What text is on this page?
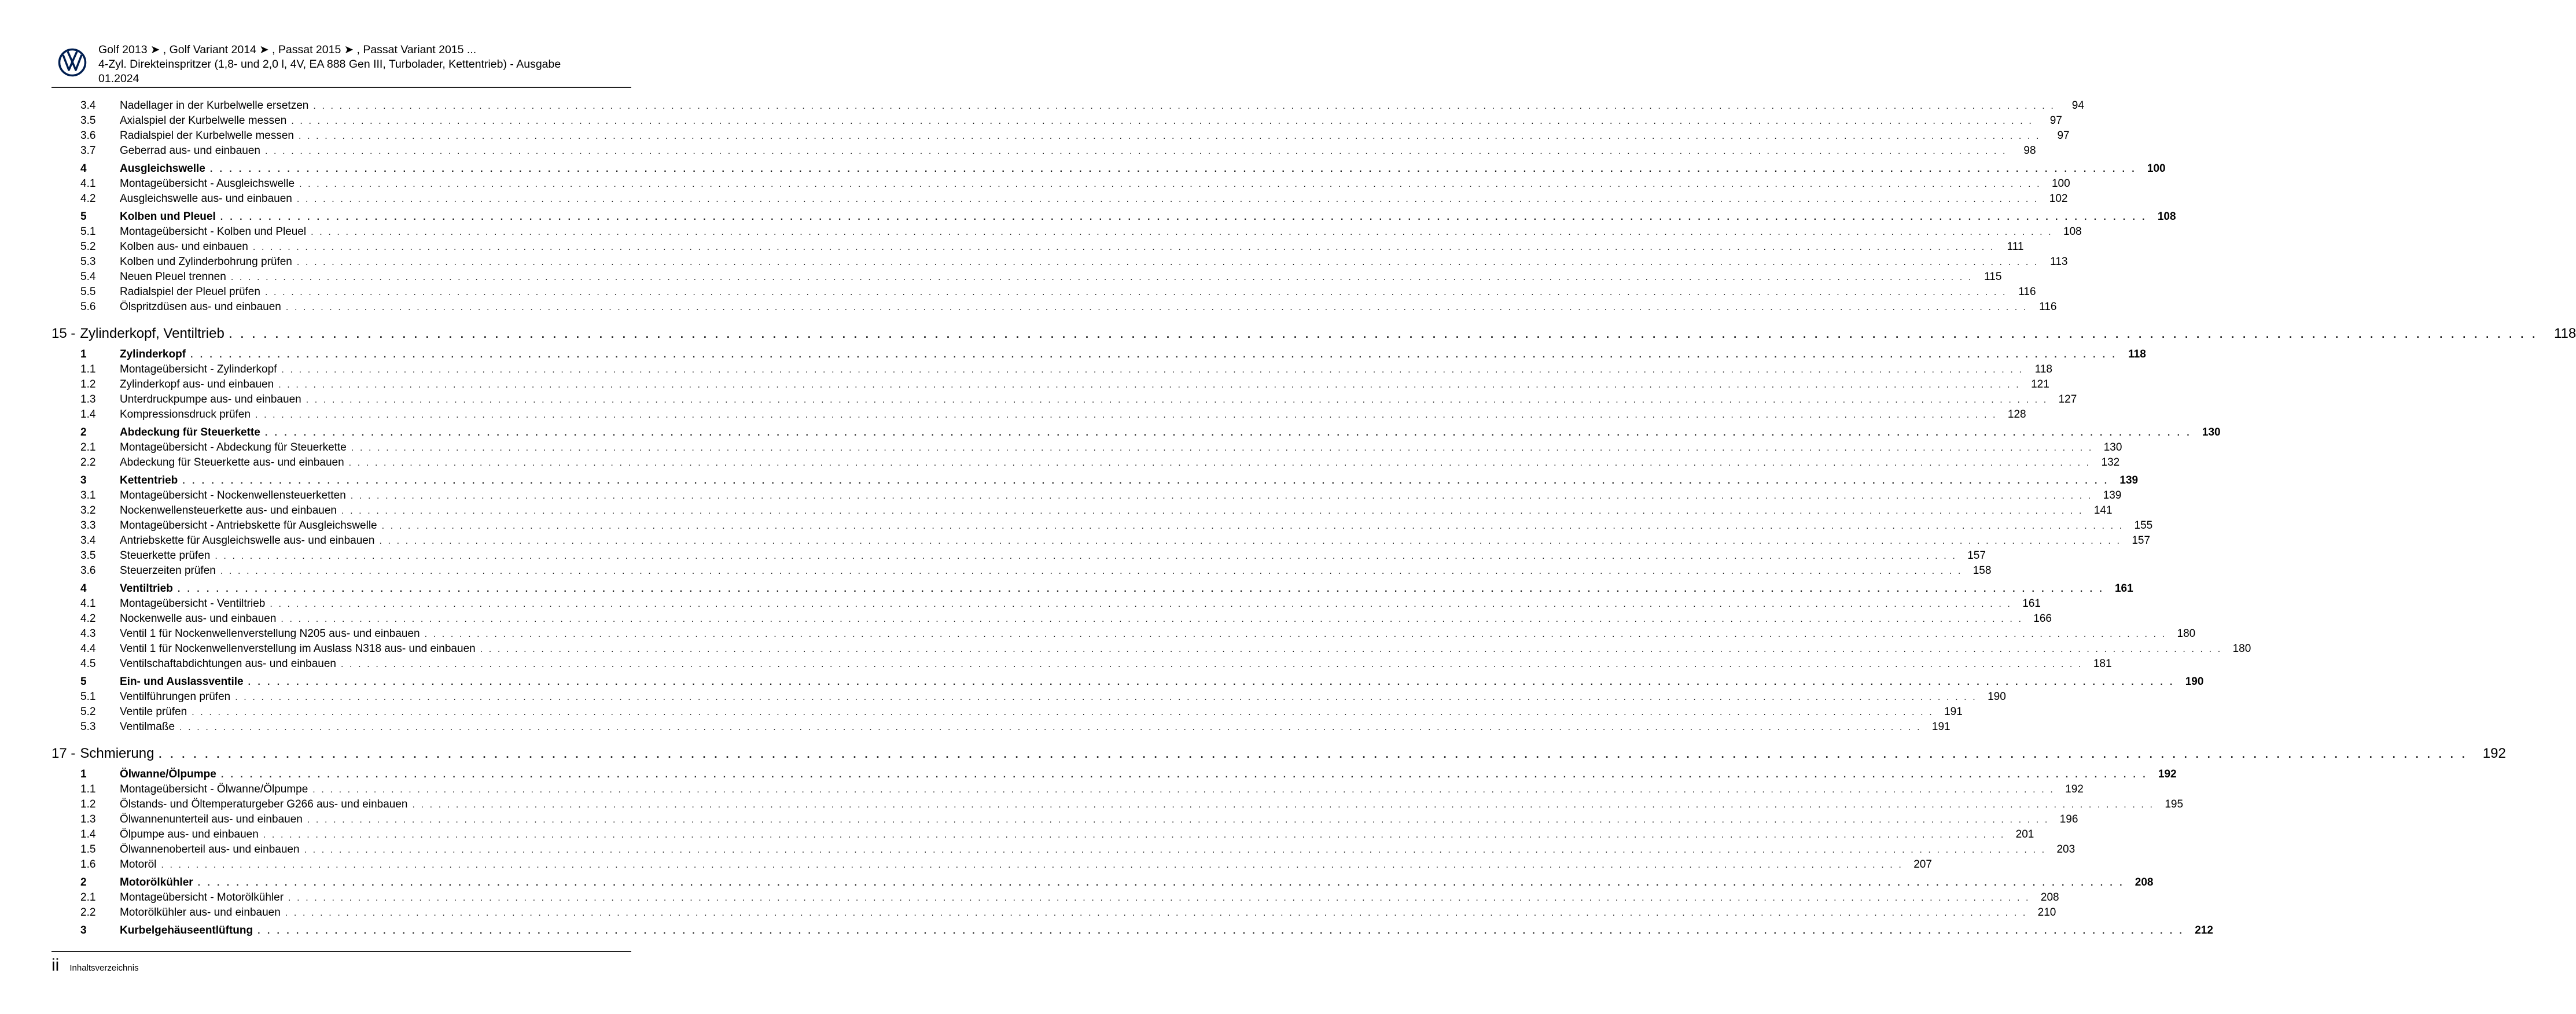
Golf 2013 ➤ , Golf Variant 2014 ➤ , Passat 2015 ➤ , Passat Variant 2015 ...
4-Zyl. Direkteinspritzer (1,8- und 2,0 l, 4V, EA 888 Gen III, Turbolader, Kettentrieb) - Ausgabe
01.2024
3.4	Nadellager in der Kurbelwelle ersetzen . . . . . . . . . . . . . . . . . . . . . . . . . . . . . . . . . . . . . . . . . . . . . . . . . . . . . . . . . . . . . . . . . . . . . . . . . . . . . . . . . . . . . . . . . . . . . . . . . . . . . . . . . . . . . . . . . . . . . . . . . . . . . . . . . . . . . . . . . . . . . . . . . . . . . . . . . . . . . . . . . . . . . . . . . . . . . . . . . . . . . . . . . . . . . . . . . . . . . . . .	94
3.5	Axialspiel der Kurbelwelle messen . . . . . . . . . . . . . . . . . . . . . . . . . . . . . . . . . . . . . . . . . . . . . . . . . . . . . . . . . . . . . . . . . . . . . . . . . . . . . . . . . . . . . . . . . . . . . . . . . . . . . . . . . . . . . . . . . . . . . . . . . . . . . . . . . . . . . . . . . . . . . . . . . . . . . . . . . . . . . . . . . . . . . . . . . . . . . . . . . . . . . . . . . . . . . . . . . . . . . . . .	97
3.6	Radialspiel der Kurbelwelle messen . . . . . . . . . . . . . . . . . . . . . . . . . . . . . . . . . . . . . . . . . . . . . . . . . . . . . . . . . . . . . . . . . . . . . . . . . . . . . . . . . . . . . . . . . . . . . . . . . . . . . . . . . . . . . . . . . . . . . . . . . . . . . . . . . . . . . . . . . . . . . . . . . . . . . . . . . . . . . . . . . . . . . . . . . . . . . . . . . . . . . . . . . . . . . . . . . . . . . . . .	97
3.7	Geberrad aus- und einbauen . . . . . . . . . . . . . . . . . . . . . . . . . . . . . . . . . . . . . . . . . . . . . . . . . . . . . . . . . . . . . . . . . . . . . . . . . . . . . . . . . . . . . . . . . . . . . . . . . . . . . . . . . . . . . . . . . . . . . . . . . . . . . . . . . . . . . . . . . . . . . . . . . . . . . . . . . . . . . . . . . . . . . . . . . . . . . . . . . . . . . . . . . . . . . . . . . . . . . . . .	98
4	Ausgleichswelle . . . . . . . . . . . . . . . . . . . . . . . . . . . . . . . . . . . . . . . . . . . . . . . . . . . . . . . . . . . . . . . . . . . . . . . . . . . . . . . . . . . . . . . . . . . . . . . . . . . . . . . . . . . . . . . . . . . . . . . . . . . . . . . . . . . . . . . . . . . . . . . . . . . . . . . . . . . . . . . . . . . . . . . . . . . . . . . . . . . . . . . . . . . . . . . . . . . . . . . . 100
4.1	Montageübersicht - Ausgleichswelle . . . . . . . . . . . . . . . . . . . . . . . . . . . . . . . . . . . . . . . . . . . . . . . . . . . . . . . . . . . . . . . . . . . . . . . . . . . . . . . . . . . . . . . . . . . . . . . . . . . . . . . . . . . . . . . . . . . . . . . . . . . . . . . . . . . . . . . . . . . . . . . . . . . . . . . . . . . . . . . . . . . . . . . . . . . . . . . . . . . . . . . . . . . . . . . . . . . . . . . . 100
4.2	Ausgleichswelle aus- und einbauen . . . . . . . . . . . . . . . . . . . . . . . . . . . . . . . . . . . . . . . . . . . . . . . . . . . . . . . . . . . . . . . . . . . . . . . . . . . . . . . . . . . . . . . . . . . . . . . . . . . . . . . . . . . . . . . . . . . . . . . . . . . . . . . . . . . . . . . . . . . . . . . . . . . . . . . . . . . . . . . . . . . . . . . . . . . . . . . . . . . . . . . . . . . . . . . . . . . . . . . . 102
5	Kolben und Pleuel . . . . . . . . . . . . . . . . . . . . . . . . . . . . . . . . . . . . . . . . . . . . . . . . . . . . . . . . . . . . . . . . . . . . . . . . . . . . . . . . . . . . . . . . . . . . . . . . . . . . . . . . . . . . . . . . . . . . . . . . . . . . . . . . . . . . . . . . . . . . . . . . . . . . . . . . . . . . . . . . . . . . . . . . . . . . . . . . . . . . . . . . . . . . . . . . . . . . . . . . 108
5.1	Montageübersicht - Kolben und Pleuel . . . . . . . . . . . . . . . . . . . . . . . . . . . . . . . . . . . . . . . . . . . . . . . . . . . . . . . . . . . . . . . . . . . . . . . . . . . . . . . . . . . . . . . . . . . . . . . . . . . . . . . . . . . . . . . . . . . . . . . . . . . . . . . . . . . . . . . . . . . . . . . . . . . . . . . . . . . . . . . . . . . . . . . . . . . . . . . . . . . . . . . . . . . . . . . . . . . . . . . . 108
5.2	Kolben aus- und einbauen . . . . . . . . . . . . . . . . . . . . . . . . . . . . . . . . . . . . . . . . . . . . . . . . . . . . . . . . . . . . . . . . . . . . . . . . . . . . . . . . . . . . . . . . . . . . . . . . . . . . . . . . . . . . . . . . . . . . . . . . . . . . . . . . . . . . . . . . . . . . . . . . . . . . . . . . . . . . . . . . . . . . . . . . . . . . . . . . . . . . . . . . . . . . . . . . . . . . . . . .	111
5.3	Kolben und Zylinderbohrung prüfen . . . . . . . . . . . . . . . . . . . . . . . . . . . . . . . . . . . . . . . . . . . . . . . . . . . . . . . . . . . . . . . . . . . . . . . . . . . . . . . . . . . . . . . . . . . . . . . . . . . . . . . . . . . . . . . . . . . . . . . . . . . . . . . . . . . . . . . . . . . . . . . . . . . . . . . . . . . . . . . . . . . . . . . . . . . . . . . . . . . . . . . . . . . . . . . . . . . . . . . .	113
5.4	Neuen Pleuel trennen . . . . . . . . . . . . . . . . . . . . . . . . . . . . . . . . . . . . . . . . . . . . . . . . . . . . . . . . . . . . . . . . . . . . . . . . . . . . . . . . . . . . . . . . . . . . . . . . . . . . . . . . . . . . . . . . . . . . . . . . . . . . . . . . . . . . . . . . . . . . . . . . . . . . . . . . . . . . . . . . . . . . . . . . . . . . . . . . . . . . . . . . . . . . . . . . . . . . . . . .	115
5.5	Radialspiel der Pleuel prüfen . . . . . . . . . . . . . . . . . . . . . . . . . . . . . . . . . . . . . . . . . . . . . . . . . . . . . . . . . . . . . . . . . . . . . . . . . . . . . . . . . . . . . . . . . . . . . . . . . . . . . . . . . . . . . . . . . . . . . . . . . . . . . . . . . . . . . . . . . . . . . . . . . . . . . . . . . . . . . . . . . . . . . . . . . . . . . . . . . . . . . . . . . . . . . . . . . . . . . . . .	116
5.6	Ölspritzdüsen aus- und einbauen . . . . . . . . . . . . . . . . . . . . . . . . . . . . . . . . . . . . . . . . . . . . . . . . . . . . . . . . . . . . . . . . . . . . . . . . . . . . . . . . . . . . . . . . . . . . . . . . . . . . . . . . . . . . . . . . . . . . . . . . . . . . . . . . . . . . . . . . . . . . . . . . . . . . . . . . . . . . . . . . . . . . . . . . . . . . . . . . . . . . . . . . . . . . . . . . . . . . . . . .	116
15 - Zylinderkopf, Ventiltrieb . . . . . . . . . . . . . . . . . . . . . . . . . . . . . . . . . . . . . . . . . . . . . . . . . . . . . . . . . . . . . . . . . . . . . . . . . . . . . . . . . . . . . . . . . . . . . . . . . . . . . . . . . . . . . . . . . . . . . . . . . . . . . . . . . . . . . . . . . . . . . . . . . . . . . . . . . . . . . . . . . . . . . . . . . . . . . . . . . . . . . . . . . . . . . . . . . . . . . . . .	118
1	Zylinderkopf . . . . . . . . . . . . . . . . . . . . . . . . . . . . . . . . . . . . . . . . . . . . . . . . . . . . . . . . . . . . . . . . . . . . . . . . . . . . . . . . . . . . . . . . . . . . . . . . . . . . . . . . . . . . . . . . . . . . . . . . . . . . . . . . . . . . . . . . . . . . . . . . . . . . . . . . . . . . . . . . . . . . . . . . . . . . . . . . . . . . . . . . . . . . . . . . . . . . . . . .	118
1.1	Montageübersicht - Zylinderkopf . . . . . . . . . . . . . . . . . . . . . . . . . . . . . . . . . . . . . . . . . . . . . . . . . . . . . . . . . . . . . . . . . . . . . . . . . . . . . . . . . . . . . . . . . . . . . . . . . . . . . . . . . . . . . . . . . . . . . . . . . . . . . . . . . . . . . . . . . . . . . . . . . . . . . . . . . . . . . . . . . . . . . . . . . . . . . . . . . . . . . . . . . . . . . . . . . . . . . . . .	118
1.2	Zylinderkopf aus- und einbauen . . . . . . . . . . . . . . . . . . . . . . . . . . . . . . . . . . . . . . . . . . . . . . . . . . . . . . . . . . . . . . . . . . . . . . . . . . . . . . . . . . . . . . . . . . . . . . . . . . . . . . . . . . . . . . . . . . . . . . . . . . . . . . . . . . . . . . . . . . . . . . . . . . . . . . . . . . . . . . . . . . . . . . . . . . . . . . . . . . . . . . . . . . . . . . . . . . . . . . . . 121
1.3	Unterdruckpumpe aus- und einbauen . . . . . . . . . . . . . . . . . . . . . . . . . . . . . . . . . . . . . . . . . . . . . . . . . . . . . . . . . . . . . . . . . . . . . . . . . . . . . . . . . . . . . . . . . . . . . . . . . . . . . . . . . . . . . . . . . . . . . . . . . . . . . . . . . . . . . . . . . . . . . . . . . . . . . . . . . . . . . . . . . . . . . . . . . . . . . . . . . . . . . . . . . . . . . . . . . . . . . . . . 127
1.4	Kompressionsdruck prüfen . . . . . . . . . . . . . . . . . . . . . . . . . . . . . . . . . . . . . . . . . . . . . . . . . . . . . . . . . . . . . . . . . . . . . . . . . . . . . . . . . . . . . . . . . . . . . . . . . . . . . . . . . . . . . . . . . . . . . . . . . . . . . . . . . . . . . . . . . . . . . . . . . . . . . . . . . . . . . . . . . . . . . . . . . . . . . . . . . . . . . . . . . . . . . . . . . . . . . . . . 128
2	Abdeckung für Steuerkette . . . . . . . . . . . . . . . . . . . . . . . . . . . . . . . . . . . . . . . . . . . . . . . . . . . . . . . . . . . . . . . . . . . . . . . . . . . . . . . . . . . . . . . . . . . . . . . . . . . . . . . . . . . . . . . . . . . . . . . . . . . . . . . . . . . . . . . . . . . . . . . . . . . . . . . . . . . . . . . . . . . . . . . . . . . . . . . . . . . . . . . . . . . . . . . . . . . . . . . . 130
2.1	Montageübersicht - Abdeckung für Steuerkette . . . . . . . . . . . . . . . . . . . . . . . . . . . . . . . . . . . . . . . . . . . . . . . . . . . . . . . . . . . . . . . . . . . . . . . . . . . . . . . . . . . . . . . . . . . . . . . . . . . . . . . . . . . . . . . . . . . . . . . . . . . . . . . . . . . . . . . . . . . . . . . . . . . . . . . . . . . . . . . . . . . . . . . . . . . . . . . . . . . . . . . . . . . . . . . . . . . . . . . . 130
2.2	Abdeckung für Steuerkette aus- und einbauen . . . . . . . . . . . . . . . . . . . . . . . . . . . . . . . . . . . . . . . . . . . . . . . . . . . . . . . . . . . . . . . . . . . . . . . . . . . . . . . . . . . . . . . . . . . . . . . . . . . . . . . . . . . . . . . . . . . . . . . . . . . . . . . . . . . . . . . . . . . . . . . . . . . . . . . . . . . . . . . . . . . . . . . . . . . . . . . . . . . . . . . . . . . . . . . . . . . . . . . . 132
3	Kettentrieb . . . . . . . . . . . . . . . . . . . . . . . . . . . . . . . . . . . . . . . . . . . . . . . . . . . . . . . . . . . . . . . . . . . . . . . . . . . . . . . . . . . . . . . . . . . . . . . . . . . . . . . . . . . . . . . . . . . . . . . . . . . . . . . . . . . . . . . . . . . . . . . . . . . . . . . . . . . . . . . . . . . . . . . . . . . . . . . . . . . . . . . . . . . . . . . . . . . . . . . . 139
3.1	Montageübersicht - Nockenwellensteuerketten . . . . . . . . . . . . . . . . . . . . . . . . . . . . . . . . . . . . . . . . . . . . . . . . . . . . . . . . . . . . . . . . . . . . . . . . . . . . . . . . . . . . . . . . . . . . . . . . . . . . . . . . . . . . . . . . . . . . . . . . . . . . . . . . . . . . . . . . . . . . . . . . . . . . . . . . . . . . . . . . . . . . . . . . . . . . . . . . . . . . . . . . . . . . . . . . . . . . . . . . 139
3.2	Nockenwellensteuerkette aus- und einbauen . . . . . . . . . . . . . . . . . . . . . . . . . . . . . . . . . . . . . . . . . . . . . . . . . . . . . . . . . . . . . . . . . . . . . . . . . . . . . . . . . . . . . . . . . . . . . . . . . . . . . . . . . . . . . . . . . . . . . . . . . . . . . . . . . . . . . . . . . . . . . . . . . . . . . . . . . . . . . . . . . . . . . . . . . . . . . . . . . . . . . . . . . . . . . . . . . . . . . . . . 141
3.3	Montageübersicht - Antriebskette für Ausgleichswelle . . . . . . . . . . . . . . . . . . . . . . . . . . . . . . . . . . . . . . . . . . . . . . . . . . . . . . . . . . . . . . . . . . . . . . . . . . . . . . . . . . . . . . . . . . . . . . . . . . . . . . . . . . . . . . . . . . . . . . . . . . . . . . . . . . . . . . . . . . . . . . . . . . . . . . . . . . . . . . . . . . . . . . . . . . . . . . . . . . . . . . . . . . . . . . . . . . . . . . . . 155
3.4	Antriebskette für Ausgleichswelle aus- und einbauen . . . . . . . . . . . . . . . . . . . . . . . . . . . . . . . . . . . . . . . . . . . . . . . . . . . . . . . . . . . . . . . . . . . . . . . . . . . . . . . . . . . . . . . . . . . . . . . . . . . . . . . . . . . . . . . . . . . . . . . . . . . . . . . . . . . . . . . . . . . . . . . . . . . . . . . . . . . . . . . . . . . . . . . . . . . . . . . . . . . . . . . . . . . . . . . . . . . . . . . . 157
3.5	Steuerkette prüfen . . . . . . . . . . . . . . . . . . . . . . . . . . . . . . . . . . . . . . . . . . . . . . . . . . . . . . . . . . . . . . . . . . . . . . . . . . . . . . . . . . . . . . . . . . . . . . . . . . . . . . . . . . . . . . . . . . . . . . . . . . . . . . . . . . . . . . . . . . . . . . . . . . . . . . . . . . . . . . . . . . . . . . . . . . . . . . . . . . . . . . . . . . . . . . . . . . . . . . . . 157
3.6	Steuerzeiten prüfen . . . . . . . . . . . . . . . . . . . . . . . . . . . . . . . . . . . . . . . . . . . . . . . . . . . . . . . . . . . . . . . . . . . . . . . . . . . . . . . . . . . . . . . . . . . . . . . . . . . . . . . . . . . . . . . . . . . . . . . . . . . . . . . . . . . . . . . . . . . . . . . . . . . . . . . . . . . . . . . . . . . . . . . . . . . . . . . . . . . . . . . . . . . . . . . . . . . . . . . . 158
4	Ventiltrieb . . . . . . . . . . . . . . . . . . . . . . . . . . . . . . . . . . . . . . . . . . . . . . . . . . . . . . . . . . . . . . . . . . . . . . . . . . . . . . . . . . . . . . . . . . . . . . . . . . . . . . . . . . . . . . . . . . . . . . . . . . . . . . . . . . . . . . . . . . . . . . . . . . . . . . . . . . . . . . . . . . . . . . . . . . . . . . . . . . . . . . . . . . . . . . . . . . . . . . . . 161
4.1	Montageübersicht - Ventiltrieb . . . . . . . . . . . . . . . . . . . . . . . . . . . . . . . . . . . . . . . . . . . . . . . . . . . . . . . . . . . . . . . . . . . . . . . . . . . . . . . . . . . . . . . . . . . . . . . . . . . . . . . . . . . . . . . . . . . . . . . . . . . . . . . . . . . . . . . . . . . . . . . . . . . . . . . . . . . . . . . . . . . . . . . . . . . . . . . . . . . . . . . . . . . . . . . . . . . . . . . . 161
4.2	Nockenwelle aus- und einbauen . . . . . . . . . . . . . . . . . . . . . . . . . . . . . . . . . . . . . . . . . . . . . . . . . . . . . . . . . . . . . . . . . . . . . . . . . . . . . . . . . . . . . . . . . . . . . . . . . . . . . . . . . . . . . . . . . . . . . . . . . . . . . . . . . . . . . . . . . . . . . . . . . . . . . . . . . . . . . . . . . . . . . . . . . . . . . . . . . . . . . . . . . . . . . . . . . . . . . . . . 166
4.3	Ventil 1 für Nockenwellenverstellung N205 aus- und einbauen . . . . . . . . . . . . . . . . . . . . . . . . . . . . . . . . . . . . . . . . . . . . . . . . . . . . . . . . . . . . . . . . . . . . . . . . . . . . . . . . . . . . . . . . . . . . . . . . . . . . . . . . . . . . . . . . . . . . . . . . . . . . . . . . . . . . . . . . . . . . . . . . . . . . . . . . . . . . . . . . . . . . . . . . . . . . . . . . . . . . . . . . . . . . . . . . . . . . . . . . 180
4.4	Ventil 1 für Nockenwellenverstellung im Auslass N318 aus- und einbauen . . . . . . . . . . . . . . . . . . . . . . . . . . . . . . . . . . . . . . . . . . . . . . . . . . . . . . . . . . . . . . . . . . . . . . . . . . . . . . . . . . . . . . . . . . . . . . . . . . . . . . . . . . . . . . . . . . . . . . . . . . . . . . . . . . . . . . . . . . . . . . . . . . . . . . . . . . . . . . . . . . . . . . . . . . . . . . . . . . . . . . . . . . . . . . . . . . . . . . . . 180
4.5	Ventilschaftabdichtungen aus- und einbauen . . . . . . . . . . . . . . . . . . . . . . . . . . . . . . . . . . . . . . . . . . . . . . . . . . . . . . . . . . . . . . . . . . . . . . . . . . . . . . . . . . . . . . . . . . . . . . . . . . . . . . . . . . . . . . . . . . . . . . . . . . . . . . . . . . . . . . . . . . . . . . . . . . . . . . . . . . . . . . . . . . . . . . . . . . . . . . . . . . . . . . . . . . . . . . . . . . . . . . . . 181
5	Ein- und Auslassventile . . . . . . . . . . . . . . . . . . . . . . . . . . . . . . . . . . . . . . . . . . . . . . . . . . . . . . . . . . . . . . . . . . . . . . . . . . . . . . . . . . . . . . . . . . . . . . . . . . . . . . . . . . . . . . . . . . . . . . . . . . . . . . . . . . . . . . . . . . . . . . . . . . . . . . . . . . . . . . . . . . . . . . . . . . . . . . . . . . . . . . . . . . . . . . . . . . . . . . . . 190
5.1	Ventilführungen prüfen . . . . . . . . . . . . . . . . . . . . . . . . . . . . . . . . . . . . . . . . . . . . . . . . . . . . . . . . . . . . . . . . . . . . . . . . . . . . . . . . . . . . . . . . . . . . . . . . . . . . . . . . . . . . . . . . . . . . . . . . . . . . . . . . . . . . . . . . . . . . . . . . . . . . . . . . . . . . . . . . . . . . . . . . . . . . . . . . . . . . . . . . . . . . . . . . . . . . . . . . 190
5.2	Ventile prüfen . . . . . . . . . . . . . . . . . . . . . . . . . . . . . . . . . . . . . . . . . . . . . . . . . . . . . . . . . . . . . . . . . . . . . . . . . . . . . . . . . . . . . . . . . . . . . . . . . . . . . . . . . . . . . . . . . . . . . . . . . . . . . . . . . . . . . . . . . . . . . . . . . . . . . . . . . . . . . . . . . . . . . . . . . . . . . . . . . . . . . . . . . . . . . . . . . . . . . . . . 191
5.3	Ventilmaße . . . . . . . . . . . . . . . . . . . . . . . . . . . . . . . . . . . . . . . . . . . . . . . . . . . . . . . . . . . . . . . . . . . . . . . . . . . . . . . . . . . . . . . . . . . . . . . . . . . . . . . . . . . . . . . . . . . . . . . . . . . . . . . . . . . . . . . . . . . . . . . . . . . . . . . . . . . . . . . . . . . . . . . . . . . . . . . . . . . . . . . . . . . . . . . . . . . . . . . . 191
17 - Schmierung . . . . . . . . . . . . . . . . . . . . . . . . . . . . . . . . . . . . . . . . . . . . . . . . . . . . . . . . . . . . . . . . . . . . . . . . . . . . . . . . . . . . . . . . . . . . . . . . . . . . . . . . . . . . . . . . . . . . . . . . . . . . . . . . . . . . . . . . . . . . . . . . . . . . . . . . . . . . . . . . . . . . . . . . . . . . . . . . . . . . . . . . . . . . . . . . . . . . . . . .	192
1	Ölwanne/Ölpumpe . . . . . . . . . . . . . . . . . . . . . . . . . . . . . . . . . . . . . . . . . . . . . . . . . . . . . . . . . . . . . . . . . . . . . . . . . . . . . . . . . . . . . . . . . . . . . . . . . . . . . . . . . . . . . . . . . . . . . . . . . . . . . . . . . . . . . . . . . . . . . . . . . . . . . . . . . . . . . . . . . . . . . . . . . . . . . . . . . . . . . . . . . . . . . . . . . . . . . . . . 192
1.1	Montageübersicht - Ölwanne/Ölpumpe . . . . . . . . . . . . . . . . . . . . . . . . . . . . . . . . . . . . . . . . . . . . . . . . . . . . . . . . . . . . . . . . . . . . . . . . . . . . . . . . . . . . . . . . . . . . . . . . . . . . . . . . . . . . . . . . . . . . . . . . . . . . . . . . . . . . . . . . . . . . . . . . . . . . . . . . . . . . . . . . . . . . . . . . . . . . . . . . . . . . . . . . . . . . . . . . . . . . . . . . 192
1.2	Ölstands- und Öltemperaturgeber G266 aus- und einbauen . . . . . . . . . . . . . . . . . . . . . . . . . . . . . . . . . . . . . . . . . . . . . . . . . . . . . . . . . . . . . . . . . . . . . . . . . . . . . . . . . . . . . . . . . . . . . . . . . . . . . . . . . . . . . . . . . . . . . . . . . . . . . . . . . . . . . . . . . . . . . . . . . . . . . . . . . . . . . . . . . . . . . . . . . . . . . . . . . . . . . . . . . . . . . . . . . . . . . . . . 195
1.3	Ölwannenunterteil aus- und einbauen . . . . . . . . . . . . . . . . . . . . . . . . . . . . . . . . . . . . . . . . . . . . . . . . . . . . . . . . . . . . . . . . . . . . . . . . . . . . . . . . . . . . . . . . . . . . . . . . . . . . . . . . . . . . . . . . . . . . . . . . . . . . . . . . . . . . . . . . . . . . . . . . . . . . . . . . . . . . . . . . . . . . . . . . . . . . . . . . . . . . . . . . . . . . . . . . . . . . . . . . 196
1.4	Ölpumpe aus- und einbauen . . . . . . . . . . . . . . . . . . . . . . . . . . . . . . . . . . . . . . . . . . . . . . . . . . . . . . . . . . . . . . . . . . . . . . . . . . . . . . . . . . . . . . . . . . . . . . . . . . . . . . . . . . . . . . . . . . . . . . . . . . . . . . . . . . . . . . . . . . . . . . . . . . . . . . . . . . . . . . . . . . . . . . . . . . . . . . . . . . . . . . . . . . . . . . . . . . . . . . . . 201
1.5	Ölwannenoberteil aus- und einbauen . . . . . . . . . . . . . . . . . . . . . . . . . . . . . . . . . . . . . . . . . . . . . . . . . . . . . . . . . . . . . . . . . . . . . . . . . . . . . . . . . . . . . . . . . . . . . . . . . . . . . . . . . . . . . . . . . . . . . . . . . . . . . . . . . . . . . . . . . . . . . . . . . . . . . . . . . . . . . . . . . . . . . . . . . . . . . . . . . . . . . . . . . . . . . . . . . . . . . . . . 203
1.6	Motoröl . . . . . . . . . . . . . . . . . . . . . . . . . . . . . . . . . . . . . . . . . . . . . . . . . . . . . . . . . . . . . . . . . . . . . . . . . . . . . . . . . . . . . . . . . . . . . . . . . . . . . . . . . . . . . . . . . . . . . . . . . . . . . . . . . . . . . . . . . . . . . . . . . . . . . . . . . . . . . . . . . . . . . . . . . . . . . . . . . . . . . . . . . . . . . . . . . . . . . . . . 207
2	Motorölkühler . . . . . . . . . . . . . . . . . . . . . . . . . . . . . . . . . . . . . . . . . . . . . . . . . . . . . . . . . . . . . . . . . . . . . . . . . . . . . . . . . . . . . . . . . . . . . . . . . . . . . . . . . . . . . . . . . . . . . . . . . . . . . . . . . . . . . . . . . . . . . . . . . . . . . . . . . . . . . . . . . . . . . . . . . . . . . . . . . . . . . . . . . . . . . . . . . . . . . . . . 208
2.1	Montageübersicht - Motorölkühler . . . . . . . . . . . . . . . . . . . . . . . . . . . . . . . . . . . . . . . . . . . . . . . . . . . . . . . . . . . . . . . . . . . . . . . . . . . . . . . . . . . . . . . . . . . . . . . . . . . . . . . . . . . . . . . . . . . . . . . . . . . . . . . . . . . . . . . . . . . . . . . . . . . . . . . . . . . . . . . . . . . . . . . . . . . . . . . . . . . . . . . . . . . . . . . . . . . . . . . . 208
2.2	Motorölkühler aus- und einbauen . . . . . . . . . . . . . . . . . . . . . . . . . . . . . . . . . . . . . . . . . . . . . . . . . . . . . . . . . . . . . . . . . . . . . . . . . . . . . . . . . . . . . . . . . . . . . . . . . . . . . . . . . . . . . . . . . . . . . . . . . . . . . . . . . . . . . . . . . . . . . . . . . . . . . . . . . . . . . . . . . . . . . . . . . . . . . . . . . . . . . . . . . . . . . . . . . . . . . . . . 210
3	Kurbelgehäuseentlüftung . . . . . . . . . . . . . . . . . . . . . . . . . . . . . . . . . . . . . . . . . . . . . . . . . . . . . . . . . . . . . . . . . . . . . . . . . . . . . . . . . . . . . . . . . . . . . . . . . . . . . . . . . . . . . . . . . . . . . . . . . . . . . . . . . . . . . . . . . . . . . . . . . . . . . . . . . . . . . . . . . . . . . . . . . . . . . . . . . . . . . . . . . . . . . . . . . . . . . . . . 212
ii Inhaltsverzeichnis
